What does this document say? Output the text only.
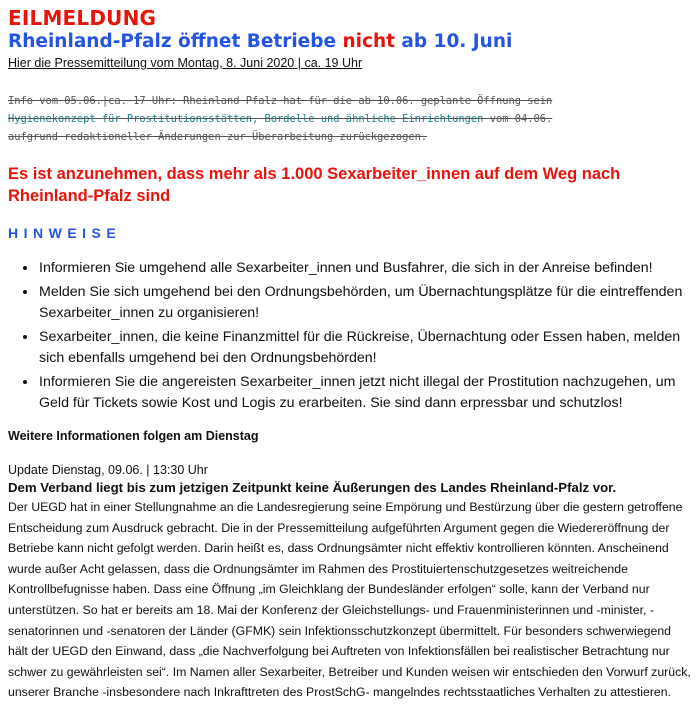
EILMELDUNG
Rheinland-Pfalz öffnet Betriebe nicht ab 10. Juni
Hier die Pressemitteilung vom Montag, 8. Juni 2020 | ca. 19 Uhr
Info vom 05.06.|ca. 17 Uhr: Rheinland Pfalz hat für die ab 10.06. geplante Öffnung sein
Hygienekonzept für Prostitutionsstätten, Bordelle und ähnliche Einrichtungen vom 04.06.
aufgrund redaktioneller Änderungen zur Überarbeitung zurückgezogen.
Es ist anzunehmen, dass mehr als 1.000 Sexarbeiter_innen auf dem Weg nach Rheinland-Pfalz sind
HINWEISE
• Informieren Sie umgehend alle Sexarbeiter_innen und Busfahrer, die sich in der Anreise befinden!
• Melden Sie sich umgehend bei den Ordnungsbehörden, um Übernachtungsplätze für die eintreffenden Sexarbeiter_innen zu organisieren!
• Sexarbeiter_innen, die keine Finanzmittel für die Rückreise, Übernachtung oder Essen haben, melden sich ebenfalls umgehend bei den Ordnungsbehörden!
• Informieren Sie die angereisten Sexarbeiter_innen jetzt nicht illegal der Prostitution nachzugehen, um Geld für Tickets sowie Kost und Logis zu erarbeiten. Sie sind dann erpressbar und schutzlos!
Weitere Informationen folgen am Dienstag
Update Dienstag, 09.06. | 13:30 Uhr
Dem Verband liegt bis zum jetzigen Zeitpunkt keine Äußerungen des Landes Rheinland-Pfalz vor.

Der UEGD hat in einer Stellungnahme an die Landesregierung seine Empörung und Bestürzung über die gestern getroffene Entscheidung zum Ausdruck gebracht. Die in der Pressemitteilung aufgeführten Argument gegen die Wiedereröffnung der Betriebe kann nicht gefolgt werden. Darin heißt es, dass Ordnungsämter nicht effektiv kontrollieren könnten. Anscheinend wurde außer Acht gelassen, dass die Ordnungsämter im Rahmen des Prostituiertenschutzgesetzes weitreichende Kontrollbefugnisse haben. Dass eine Öffnung „im Gleichklang der Bundesländer erfolgen“ solle, kann der Verband nur unterstützen. So hat er bereits am 18. Mai der Konferenz der Gleichstellungs- und Frauenministerinnen und -minister, -senatorinnen und -senatoren der Länder (GFMK) sein Infektionsschutzkonzept übermittelt. Für besonders schwerwiegend hält der UEGD den Einwand, dass „die Nachverfolgung bei Auftreten von Infektionsfällen bei realistischer Betrachtung nur schwer zu gewährleisten sei“. Im Namen aller Sexarbeiter, Betreiber und Kunden weisen wir entschieden den Vorwurf zurück, unserer Branche -insbesondere nach Inkrafttreten des ProstSchG- mangelndes rechtsstaatliches Verhalten zu attestieren.
